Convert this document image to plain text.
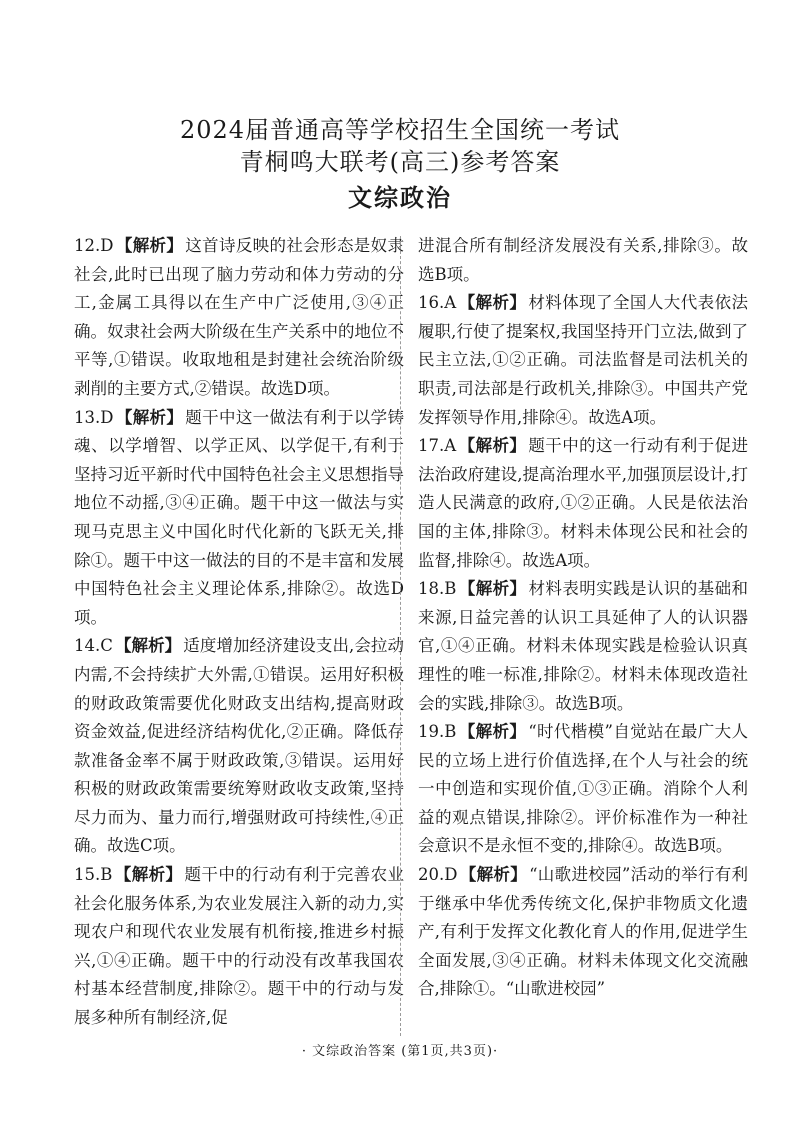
2024届普通高等学校招生全国统一考试
青桐鸣大联考(高三)参考答案
文综政治

12.D 【解析】 这首诗反映的社会形态是奴隶社会,此时已出现了脑力劳动和体力劳动的分工,金属工具得以在生产中广泛使用,③④正确。奴隶社会两大阶级在生产关系中的地位不平等,①错误。收取地租是封建社会统治阶级剥削的主要方式,②错误。故选D项。

13.D 【解析】 题干中这一做法有利于以学铸魂、以学增智、以学正风、以学促干,有利于坚持习近平新时代中国特色社会主义思想指导地位不动摇,③④正确。题干中这一做法与实现马克思主义中国化时代化新的飞跃无关,排除①。题干中这一做法的目的不是丰富和发展中国特色社会主义理论体系,排除②。故选D项。

14.C 【解析】 适度增加经济建设支出,会拉动内需,不会持续扩大外需,①错误。运用好积极的财政政策需要优化财政支出结构,提高财政资金效益,促进经济结构优化,②正确。降低存款准备金率不属于财政政策,③错误。运用好积极的财政政策需要统筹财政收支政策,坚持尽力而为、量力而行,增强财政可持续性,④正确。故选C项。

15.B 【解析】 题干中的行动有利于完善农业社会化服务体系,为农业发展注入新的动力,实现农户和现代农业发展有机衔接,推进乡村振兴,①④正确。题干中的行动没有改革我国农村基本经营制度,排除②。题干中的行动与发展多种所有制经济,促

进混合所有制经济发展没有关系,排除③。故选B项。

16.A 【解析】 材料体现了全国人大代表依法履职,行使了提案权,我国坚持开门立法,做到了民主立法,①②正确。司法监督是司法机关的职责,司法部是行政机关,排除③。中国共产党发挥领导作用,排除④。故选A项。

17.A 【解析】 题干中的这一行动有利于促进法治政府建设,提高治理水平,加强顶层设计,打造人民满意的政府,①②正确。人民是依法治国的主体,排除③。材料未体现公民和社会的监督,排除④。故选A项。

18.B 【解析】 材料表明实践是认识的基础和来源,日益完善的认识工具延伸了人的认识器官,①④正确。材料未体现实践是检验认识真理性的唯一标准,排除②。材料未体现改造社会的实践,排除③。故选B项。

19.B 【解析】 “时代楷模”自觉站在最广大人民的立场上进行价值选择,在个人与社会的统一中创造和实现价值,①③正确。消除个人利益的观点错误,排除②。评价标准作为一种社会意识不是永恒不变的,排除④。故选B项。

20.D 【解析】 “山歌进校园”活动的举行有利于继承中华优秀传统文化,保护非物质文化遗产,有利于发挥文化教化育人的作用,促进学生全面发展,③④正确。材料未体现文化交流融合,排除①。“山歌进校园”

· 文综政治答案 (第1页,共3页)·
